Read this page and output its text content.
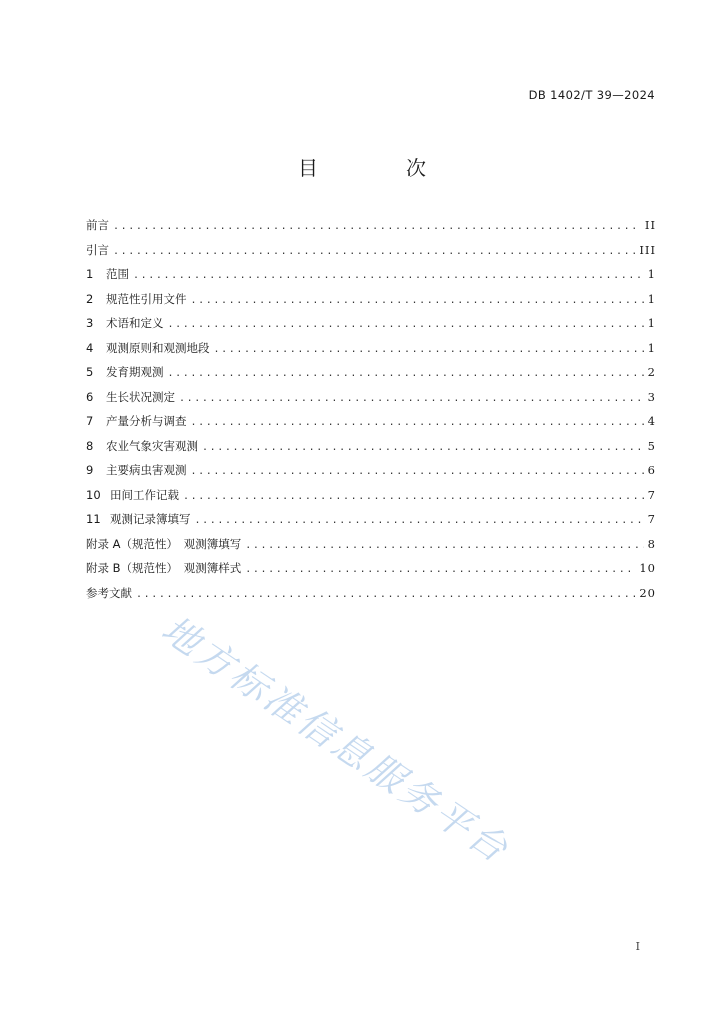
DB 1402/T 39—2024
目　次
前言 .....	II
引言 .....	III
1 范围 .....	1
2 规范性引用文件 .....	1
3 术语和定义 .....	1
4 观测原则和观测地段 .....	1
5 发育期观测 .....	2
6 生长状况测定 .....	3
7 产量分析与调查 .....	4
8 农业气象灾害观测 .....	5
9 主要病虫害观测 .....	6
10 田间工作记载 .....	7
11 观测记录簿填写 .....	7
附录 A（规范性）　观测簿填写 .....	8
附录 B（规范性）　观测簿样式 .....	10
参考文献 .....	20
地方标准信息服务平台
I
